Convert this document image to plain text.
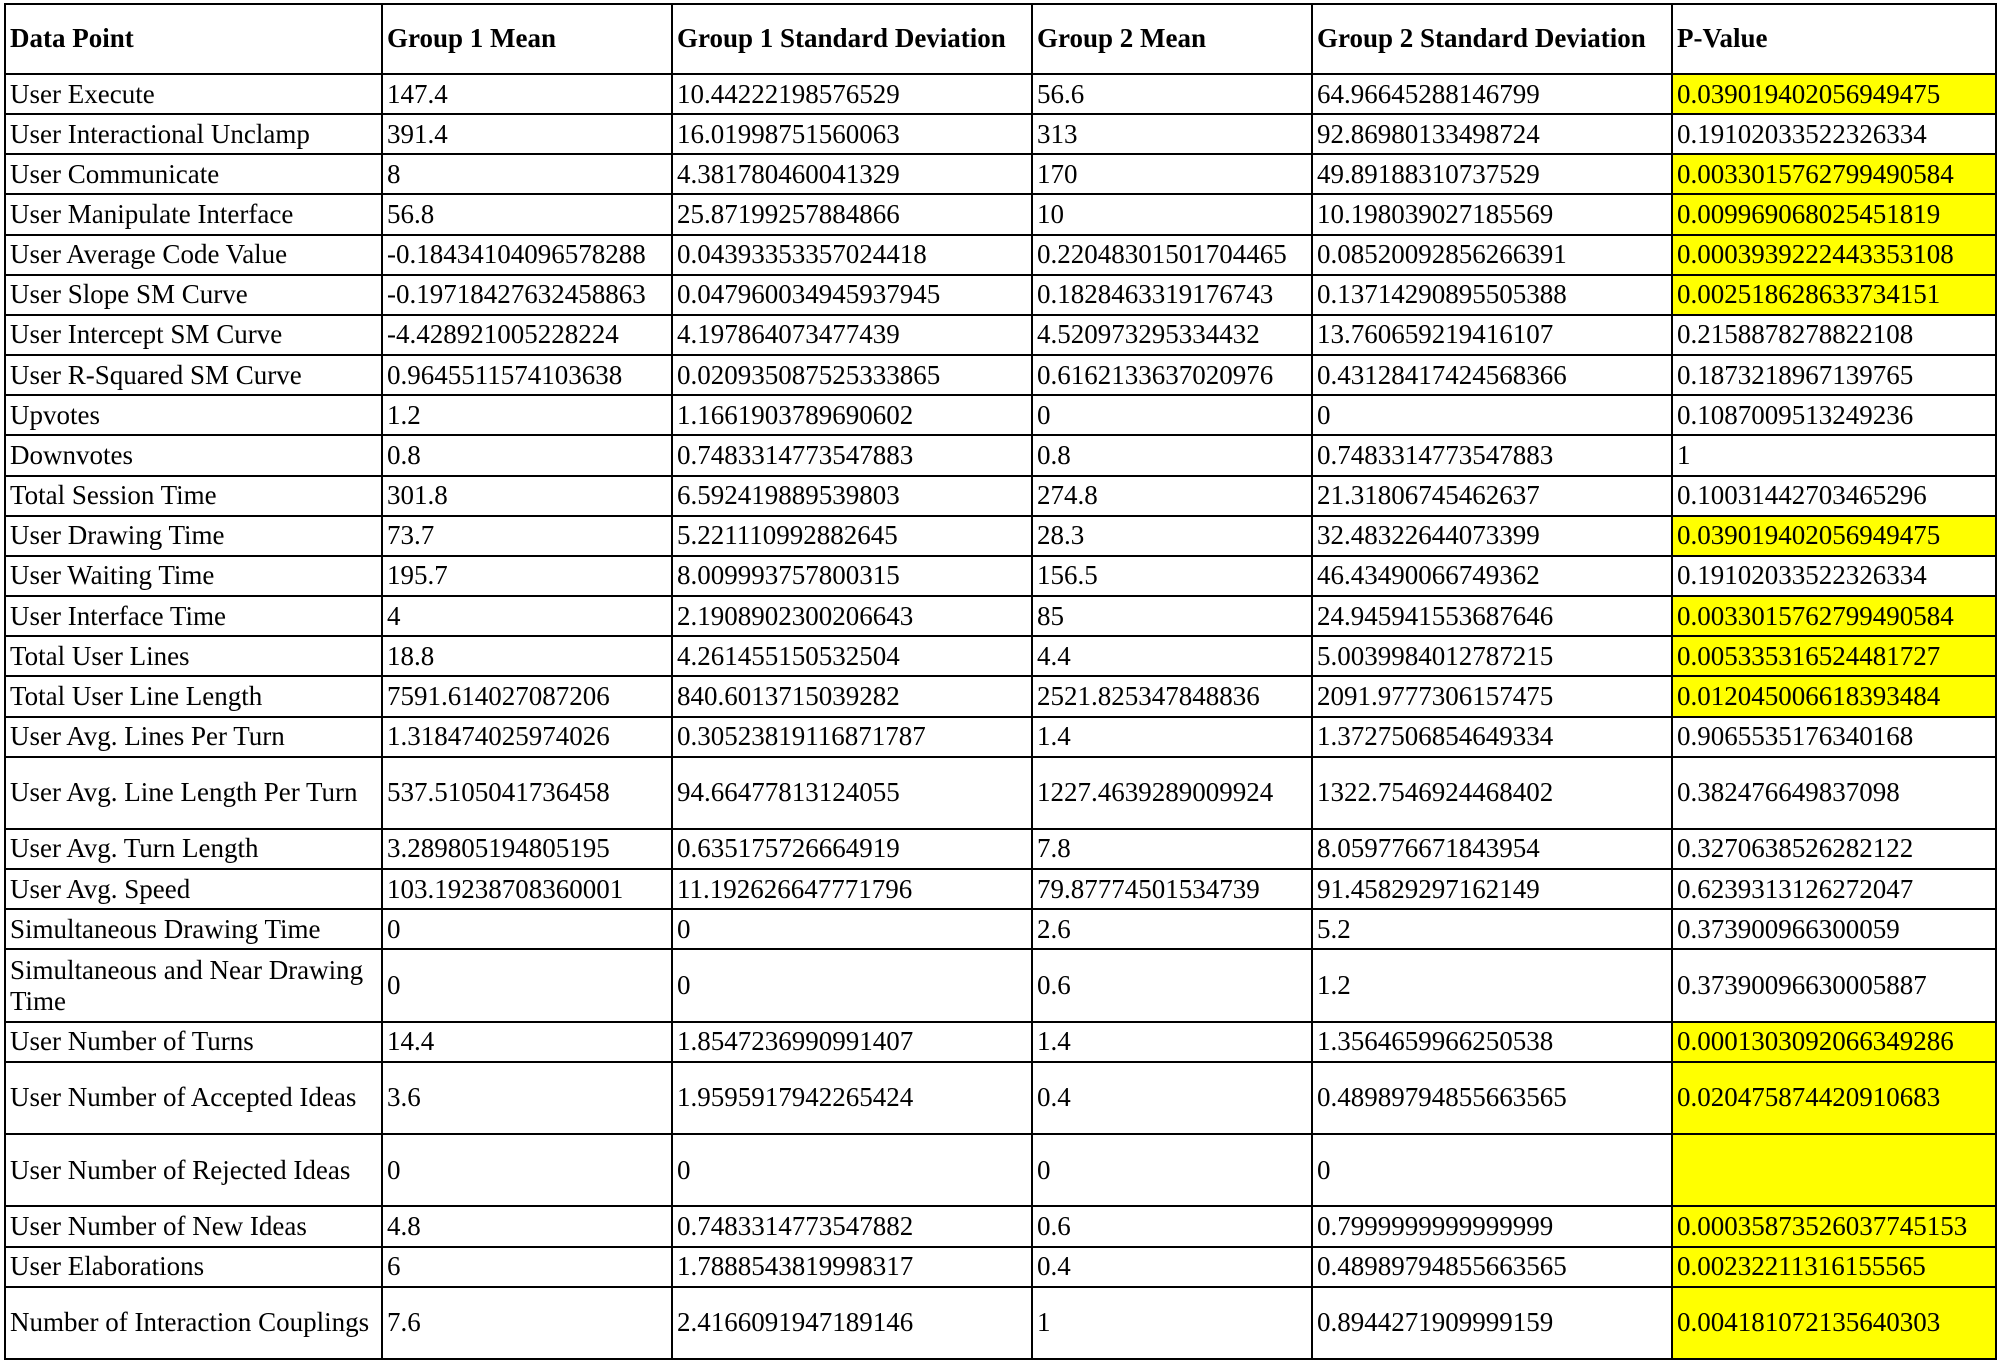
Data Point	Group 1 Mean	Group 1 Standard Deviation	Group 2 Mean	Group 2 Standard Deviation	P-Value
User Execute	147.4	10.44222198576529	56.6	64.96645288146799	0.039019402056949475
User Interactional Unclamp	391.4	16.01998751560063	313	92.86980133498724	0.19102033522326334
User Communicate	8	4.381780460041329	170	49.89188310737529	0.0033015762799490584
User Manipulate Interface	56.8	25.87199257884866	10	10.198039027185569	0.009969068025451819
User Average Code Value	-0.18434104096578288	0.04393353357024418	0.22048301501704465	0.08520092856266391	0.0003939222443353108
User Slope SM Curve	-0.19718427632458863	0.047960034945937945	0.1828463319176743	0.13714290895505388	0.002518628633734151
User Intercept SM Curve	-4.428921005228224	4.197864073477439	4.520973295334432	13.760659219416107	0.2158878278822108
User R-Squared SM Curve	0.9645511574103638	0.020935087525333865	0.6162133637020976	0.43128417424568366	0.1873218967139765
Upvotes	1.2	1.1661903789690602	0	0	0.1087009513249236
Downvotes	0.8	0.7483314773547883	0.8	0.7483314773547883	1
Total Session Time	301.8	6.592419889539803	274.8	21.31806745462637	0.10031442703465296
User Drawing Time	73.7	5.221110992882645	28.3	32.48322644073399	0.039019402056949475
User Waiting Time	195.7	8.009993757800315	156.5	46.43490066749362	0.19102033522326334
User Interface Time	4	2.1908902300206643	85	24.945941553687646	0.0033015762799490584
Total User Lines	18.8	4.261455150532504	4.4	5.0039984012787215	0.005335316524481727
Total User Line Length	7591.614027087206	840.6013715039282	2521.825347848836	2091.9777306157475	0.012045006618393484
User Avg. Lines Per Turn	1.318474025974026	0.30523819116871787	1.4	1.3727506854649334	0.9065535176340168
User Avg. Line Length Per Turn	537.5105041736458	94.66477813124055	1227.4639289009924	1322.7546924468402	0.382476649837098
User Avg. Turn Length	3.289805194805195	0.635175726664919	7.8	8.059776671843954	0.3270638526282122
User Avg. Speed	103.19238708360001	11.192626647771796	79.87774501534739	91.45829297162149	0.6239313126272047
Simultaneous Drawing Time	0	0	2.6	5.2	0.373900966300059
Simultaneous and Near Drawing Time	0	0	0.6	1.2	0.37390096630005887
User Number of Turns	14.4	1.8547236990991407	1.4	1.3564659966250538	0.0001303092066349286
User Number of Accepted Ideas	3.6	1.9595917942265424	0.4	0.48989794855663565	0.020475874420910683
User Number of Rejected Ideas	0	0	0	0	
User Number of New Ideas	4.8	0.7483314773547882	0.6	0.7999999999999999	0.00035873526037745153
User Elaborations	6	1.7888543819998317	0.4	0.48989794855663565	0.00232211316155565
Number of Interaction Couplings	7.6	2.4166091947189146	1	0.8944271909999159	0.004181072135640303
